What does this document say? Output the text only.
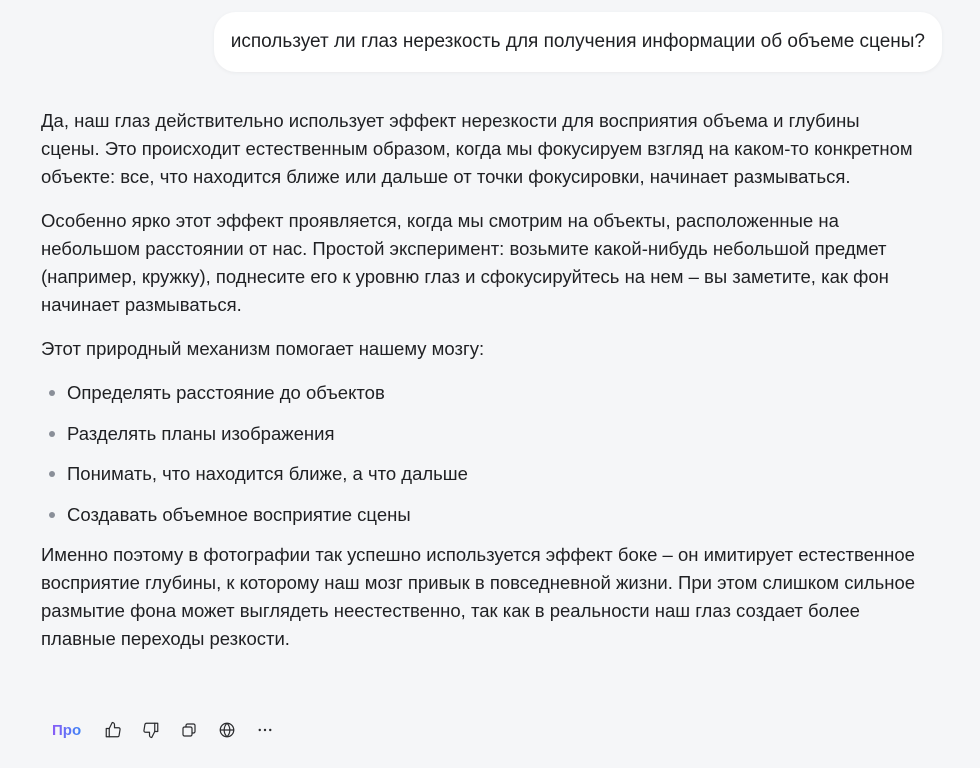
использует ли глаз нерезкость для получения информации об объеме сцены?

Да, наш глаз действительно использует эффект нерезкости для восприятия объема и глубины сцены. Это происходит естественным образом, когда мы фокусируем взгляд на каком-то конкретном объекте: все, что находится ближе или дальше от точки фокусировки, начинает размываться.

Особенно ярко этот эффект проявляется, когда мы смотрим на объекты, расположенные на небольшом расстоянии от нас. Простой эксперимент: возьмите какой-нибудь небольшой предмет (например, кружку), поднесите его к уровню глаз и сфокусируйтесь на нем – вы заметите, как фон начинает размываться.

Этот природный механизм помогает нашему мозгу:

Определять расстояние до объектов
Разделять планы изображения
Понимать, что находится ближе, а что дальше
Создавать объемное восприятие сцены

Именно поэтому в фотографии так успешно используется эффект боке – он имитирует естественное восприятие глубины, к которому наш мозг привык в повседневной жизни. При этом слишком сильное размытие фона может выглядеть неестественно, так как в реальности наш глаз создает более плавные переходы резкости.

Про
